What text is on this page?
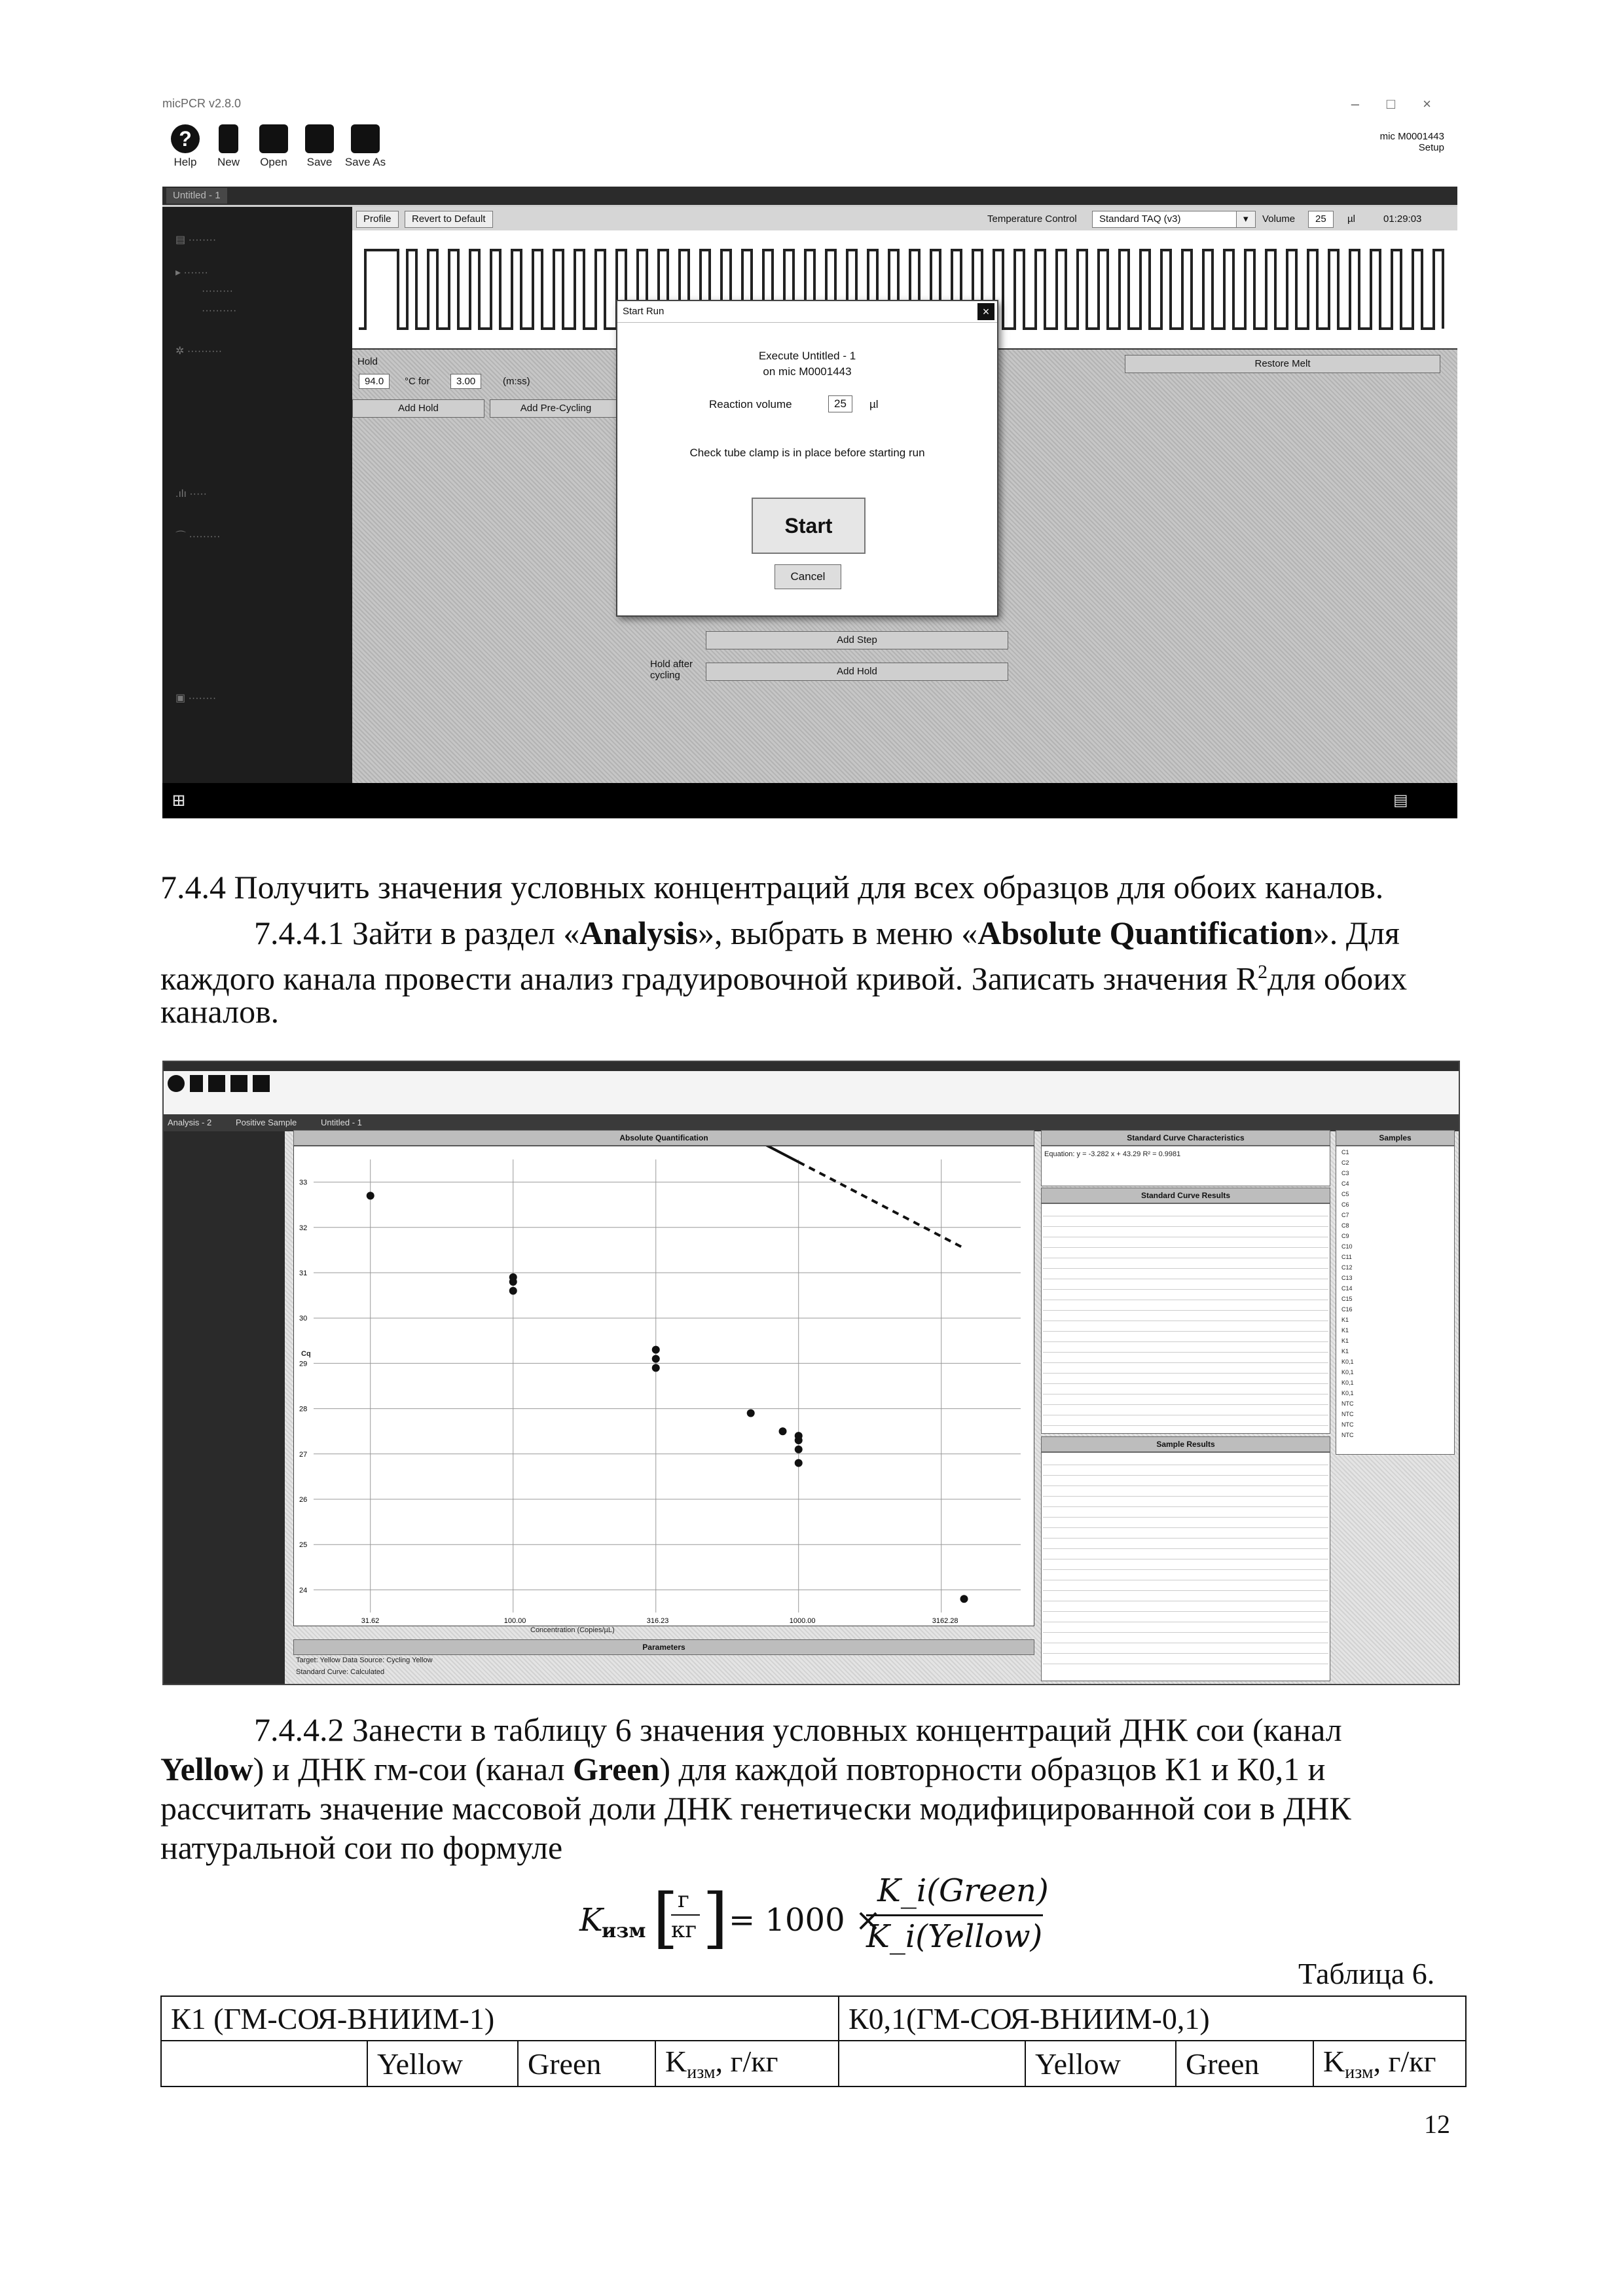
micPCR v2.8.0	– □ ×
?
Help	New	Open	Save	Save As
mic M0001443
Setup
Untitled - 1
▤ ········
▸ ·······
·········
··········
✲ ··········
.ılı ·····
⌒ ·········
▣ ········
Profile	Revert to Default	Temperature Control	Standard TAQ (v3)	▾	Volume	25	µl	01:29:03
Hold
94.0	°C for	3.00	(m:ss)
Add Hold	Add Pre-Cycling
Restore Melt
Add Step
Hold after cycling	Add Hold
⊞	▤
Start Run	×
Execute Untitled - 1
on mic M0001443
Reaction volume	25	µl
Check tube clamp is in place before starting run
Start
Cancel
7.4.4 Получить значения условных концентраций для всех образцов для обоих каналов.
7.4.4.1 Зайти в раздел «Analysis», выбрать в меню «Absolute Quantification». Для
каждого канала провести анализ градуировочной кривой. Записать значения $R^2для$ обоих
каналов.
Analysis - 2	Positive Sample	Untitled - 1
Absolute Quantification
33
32
31
30
29
28
27
26
25
24
31.62	100.00	316.23	1000.00	3162.28
Concentration (Copies/µL)
Cq
Parameters
Target: Yellow Data Source: Cycling Yellow
Standard Curve: Calculated
Standard Curve Characteristics
Equation: y = -3.282 x + 43.29 R² = 0.9981
Standard Curve Results
Sample Results
Samples
C1
C2
C3
C4
C5
C6
C7
C8
C9
C10
C11
C12
C13
C14
C15
C16
K1
K1
K1
K1
K0,1
K0,1
K0,1
K0,1
NTC
NTC
NTC
NTC
7.4.4.2 Занести в таблицу 6 значения условных концентраций ДНК сои (канал
Yellow) и ДНК гм-сои (канал Green) для каждой повторности образцов К1 и К0,1 и
рассчитать значение массовой доли ДНК генетически модифицированной сои в ДНК
натуральной сои по формуле
K
изм [
г
кг ] = 1000 ×
K_i(Green)
K_i(Yellow)
Таблица 6.
К1 (ГМ-СОЯ-ВНИИМ-1)				К0,1(ГМ-СОЯ-ВНИИМ-0,1)			
	Yellow	Green	$K_{изм}$, г/кг		Yellow	Green	$K_{изм}$, г/кг
12
